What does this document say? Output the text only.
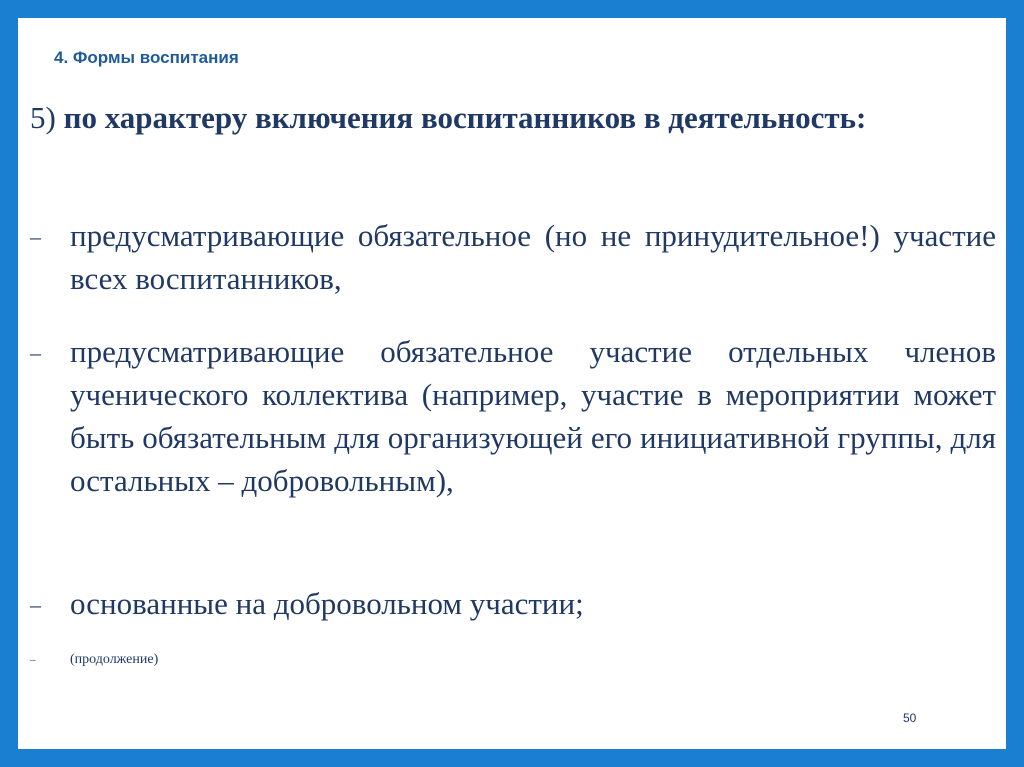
4. Формы воспитания
5) по характеру включения воспитанников в деятельность:
– предусматривающие обязательное (но не принудительное!) участие всех воспитанников,
– предусматривающие обязательное участие отдельных членов ученического коллектива (например, участие в мероприятии может быть обязательным для организующей его инициативной группы, для остальных – добровольным),
– основанные на добровольном участии;
–	(продолжение)
50
